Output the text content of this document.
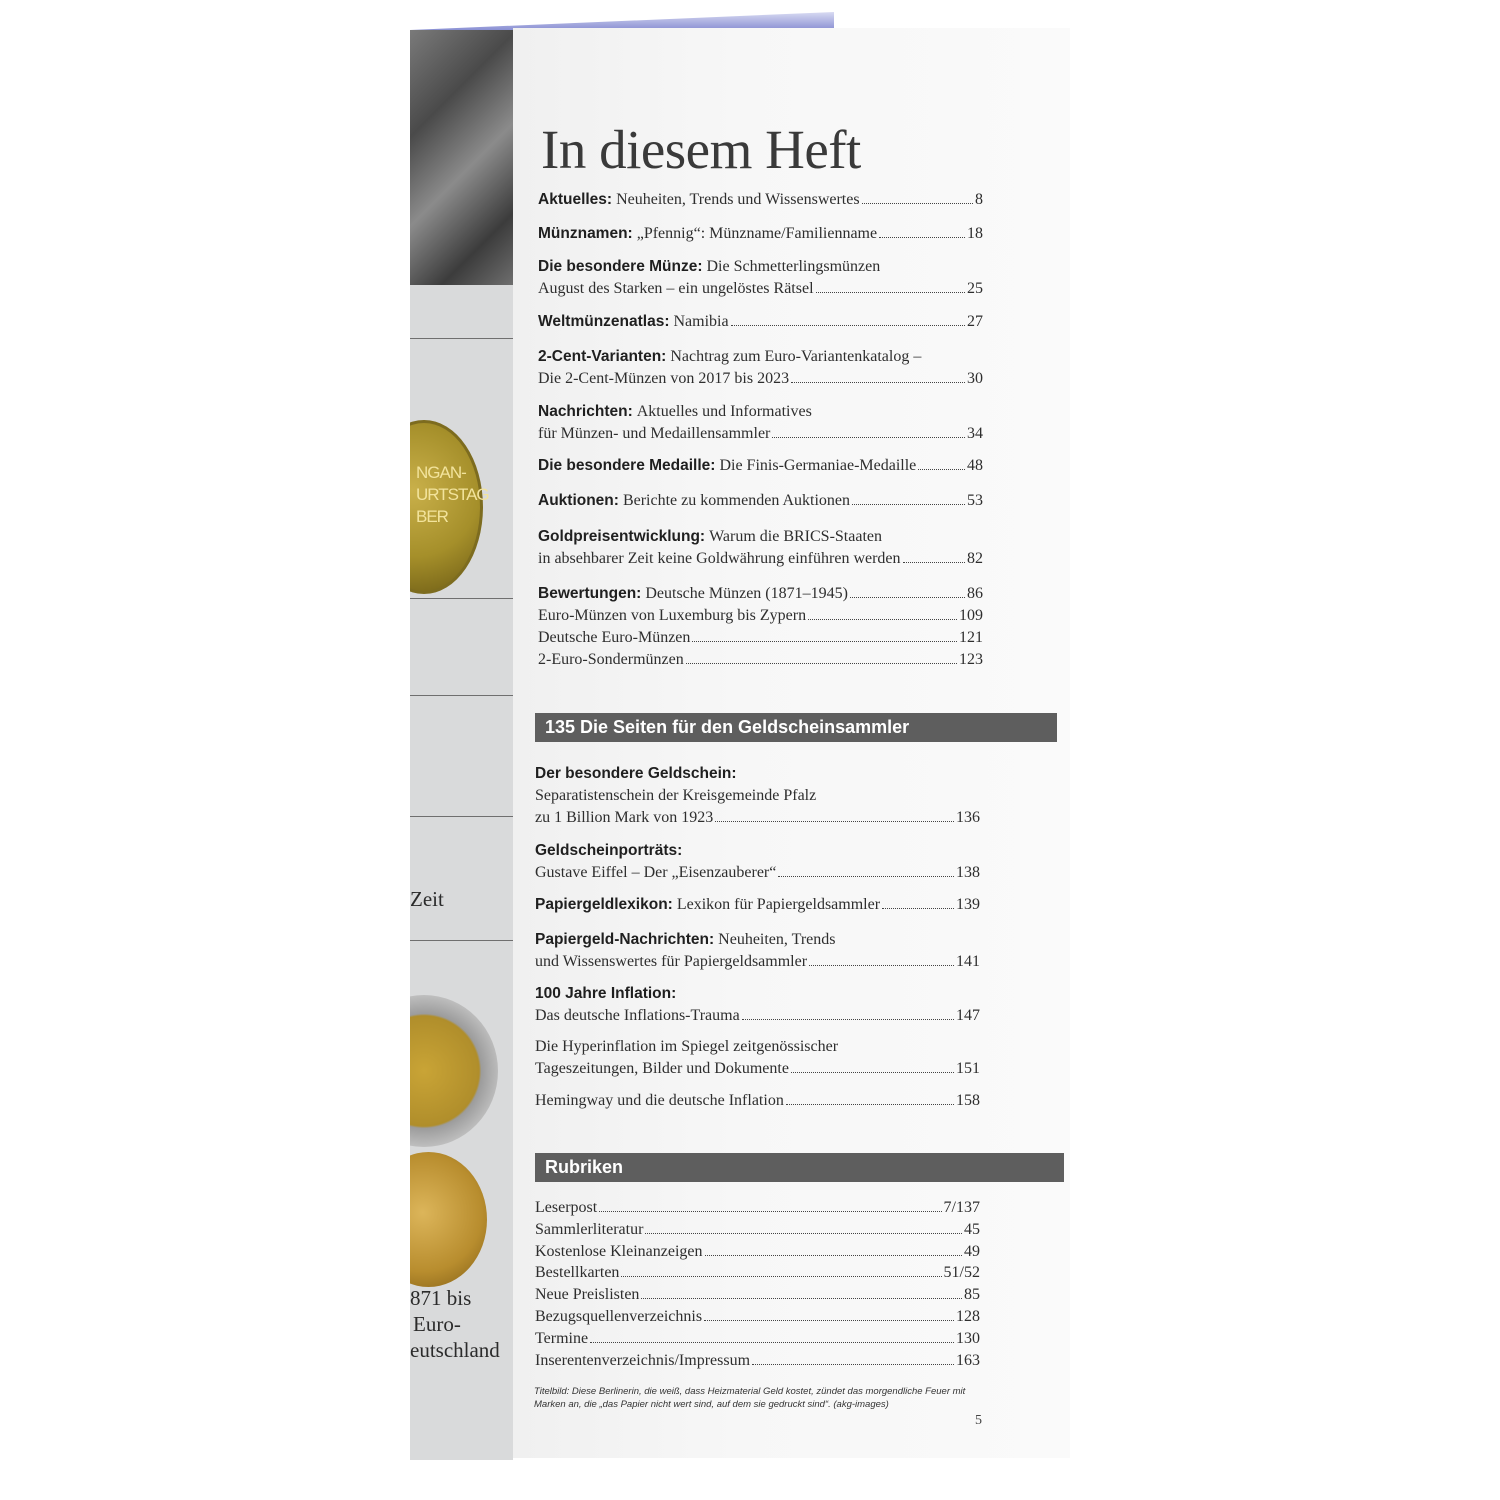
NGAN-
URTSTAG
BER
Zeit
871 bis
Euro-
eutschland
In diesem Heft
Aktuelles:
Neuheiten, Trends und Wissenswertes	8
Münznamen:
„Pfennig“: Münzname/Familienname	18
Die besondere Münze:
Die Schmetterlingsmünzen
August des Starken – ein ungelöstes Rätsel	25
Weltmünzenatlas:
Namibia	27
2-Cent-Varianten:
Nachtrag zum Euro-Variantenkatalog –
Die 2-Cent-Münzen von 2017 bis 2023	30
Nachrichten:
Aktuelles und Informatives
für Münzen- und Medaillensammler	34
Die besondere Medaille:
Die Finis-Germaniae-Medaille	48
Auktionen:
Berichte zu kommenden Auktionen	53
Goldpreisentwicklung:
Warum die BRICS-Staaten
in absehbarer Zeit keine Goldwährung einführen werden	82
Bewertungen:
Deutsche Münzen (1871–1945)	86
Euro-Münzen von Luxemburg bis Zypern	109
Deutsche Euro-Münzen	121
2-Euro-Sondermünzen	123
135 Die Seiten für den Geldscheinsammler
Der besondere Geldschein:
Separatistenschein der Kreisgemeinde Pfalz
zu 1 Billion Mark von 1923	136
Geldscheinporträts:
Gustave Eiffel – Der „Eisenzauberer“	138
Papiergeldlexikon:
Lexikon für Papiergeldsammler	139
Papiergeld-Nachrichten:
Neuheiten, Trends
und Wissenswertes für Papiergeldsammler	141
100 Jahre Inflation:
Das deutsche Inflations-Trauma	147
Die Hyperinflation im Spiegel zeitgenössischer
Tageszeitungen, Bilder und Dokumente	151
Hemingway und die deutsche Inflation	158
Rubriken
Leserpost	7/137
Sammlerliteratur	45
Kostenlose Kleinanzeigen	49
Bestellkarten	51/52
Neue Preislisten	85
Bezugsquellenverzeichnis	128
Termine	130
Inserentenverzeichnis/Impressum	163
Titelbild: Diese Berlinerin, die weiß, dass Heizmaterial Geld kostet, zündet das morgendliche Feuer mit Marken an, die „das Papier nicht wert sind, auf dem sie gedruckt sind“. (akg-images)
5
